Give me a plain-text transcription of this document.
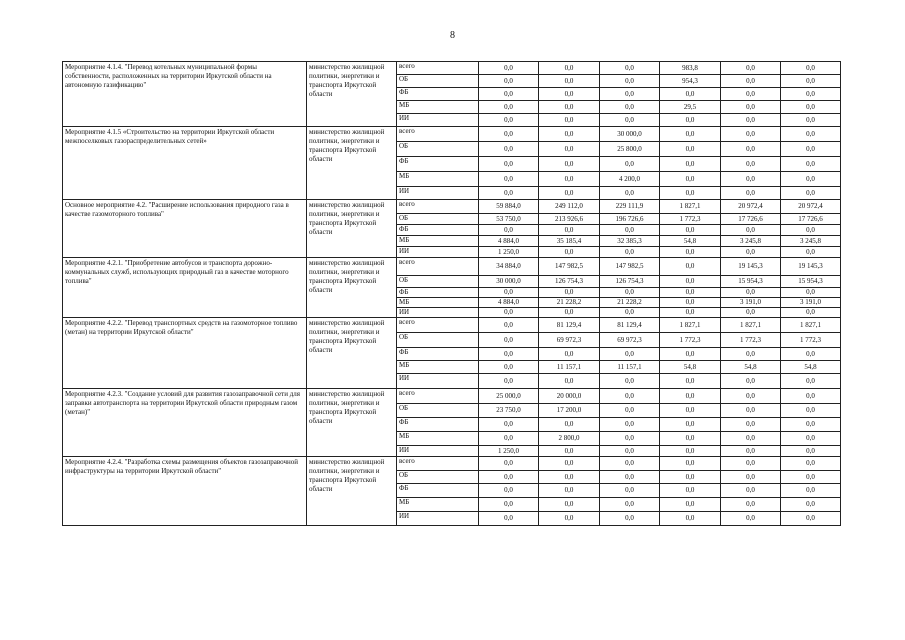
8
Мероприятие 4.1.4. "Перевод котельных муниципальной формы собственности, расположенных на территории Иркутской области на автономную газификацию"	министерство жилищной политики, энергетики и транспорта Иркутской области	всего	0,0	0,0	0,0	983,8	0,0	0,0
		ОБ	0,0	0,0	0,0	954,3	0,0	0,0
		ФБ	0,0	0,0	0,0	0,0	0,0	0,0
		МБ	0,0	0,0	0,0	29,5	0,0	0,0
		ИИ	0,0	0,0	0,0	0,0	0,0	0,0
Мероприятие 4.1.5 «Строительство на территории Иркутской области межпоселковых газораспределительных сетей»	министерство жилищной политики, энергетики и транспорта Иркутской области	всего	0,0	0,0	30 000,0	0,0	0,0	0,0
		ОБ	0,0	0,0	25 800,0	0,0	0,0	0,0
		ФБ	0,0	0,0	0,0	0,0	0,0	0,0
		МБ	0,0	0,0	4 200,0	0,0	0,0	0,0
		ИИ	0,0	0,0	0,0	0,0	0,0	0,0
Основное мероприятие 4.2. "Расширение использования природного газа в качестве газомоторного топлива"	министерство жилищной политики, энергетики и транспорта Иркутской области	всего	59 884,0	249 112,0	229 111,9	1 827,1	20 972,4	20 972,4
		ОБ	53 750,0	213 926,6	196 726,6	1 772,3	17 726,6	17 726,6
		ФБ	0,0	0,0	0,0	0,0	0,0	0,0
		МБ	4 884,0	35 185,4	32 385,3	54,8	3 245,8	3 245,8
		ИИ	1 250,0	0,0	0,0	0,0	0,0	0,0
Мероприятие 4.2.1. "Приобретение автобусов и транспорта дорожно-коммунальных служб, использующих природный газ в качестве моторного топлива"	министерство жилищной политики, энергетики и транспорта Иркутской области	всего	34 884,0	147 982,5	147 982,5	0,0	19 145,3	19 145,3
		ОБ	30 000,0	126 754,3	126 754,3	0,0	15 954,3	15 954,3
		ФБ	0,0	0,0	0,0	0,0	0,0	0,0
		МБ	4 884,0	21 228,2	21 228,2	0,0	3 191,0	3 191,0
		ИИ	0,0	0,0	0,0	0,0	0,0	0,0
Мероприятие 4.2.2. "Перевод транспортных средств на газомоторное топливо (метан) на территории Иркутской области"	министерство жилищной политики, энергетики и транспорта Иркутской области	всего	0,0	81 129,4	81 129,4	1 827,1	1 827,1	1 827,1
		ОБ	0,0	69 972,3	69 972,3	1 772,3	1 772,3	1 772,3
		ФБ	0,0	0,0	0,0	0,0	0,0	0,0
		МБ	0,0	11 157,1	11 157,1	54,8	54,8	54,8
		ИИ	0,0	0,0	0,0	0,0	0,0	0,0
Мероприятие 4.2.3. "Создание условий для развития газозаправочной сети для заправки автотранспорта на территории Иркутской области природным газом (метан)"	министерство жилищной политики, энергетики и транспорта Иркутской области	всего	25 000,0	20 000,0	0,0	0,0	0,0	0,0
		ОБ	23 750,0	17 200,0	0,0	0,0	0,0	0,0
		ФБ	0,0	0,0	0,0	0,0	0,0	0,0
		МБ	0,0	2 800,0	0,0	0,0	0,0	0,0
		ИИ	1 250,0	0,0	0,0	0,0	0,0	0,0
Мероприятие 4.2.4. "Разработка схемы размещения объектов газозаправочной инфраструктуры на территории Иркутской области"	министерство жилищной политики, энергетики и транспорта Иркутской области	всего	0,0	0,0	0,0	0,0	0,0	0,0
		ОБ	0,0	0,0	0,0	0,0	0,0	0,0
		ФБ	0,0	0,0	0,0	0,0	0,0	0,0
		МБ	0,0	0,0	0,0	0,0	0,0	0,0
		ИИ	0,0	0,0	0,0	0,0	0,0	0,0
